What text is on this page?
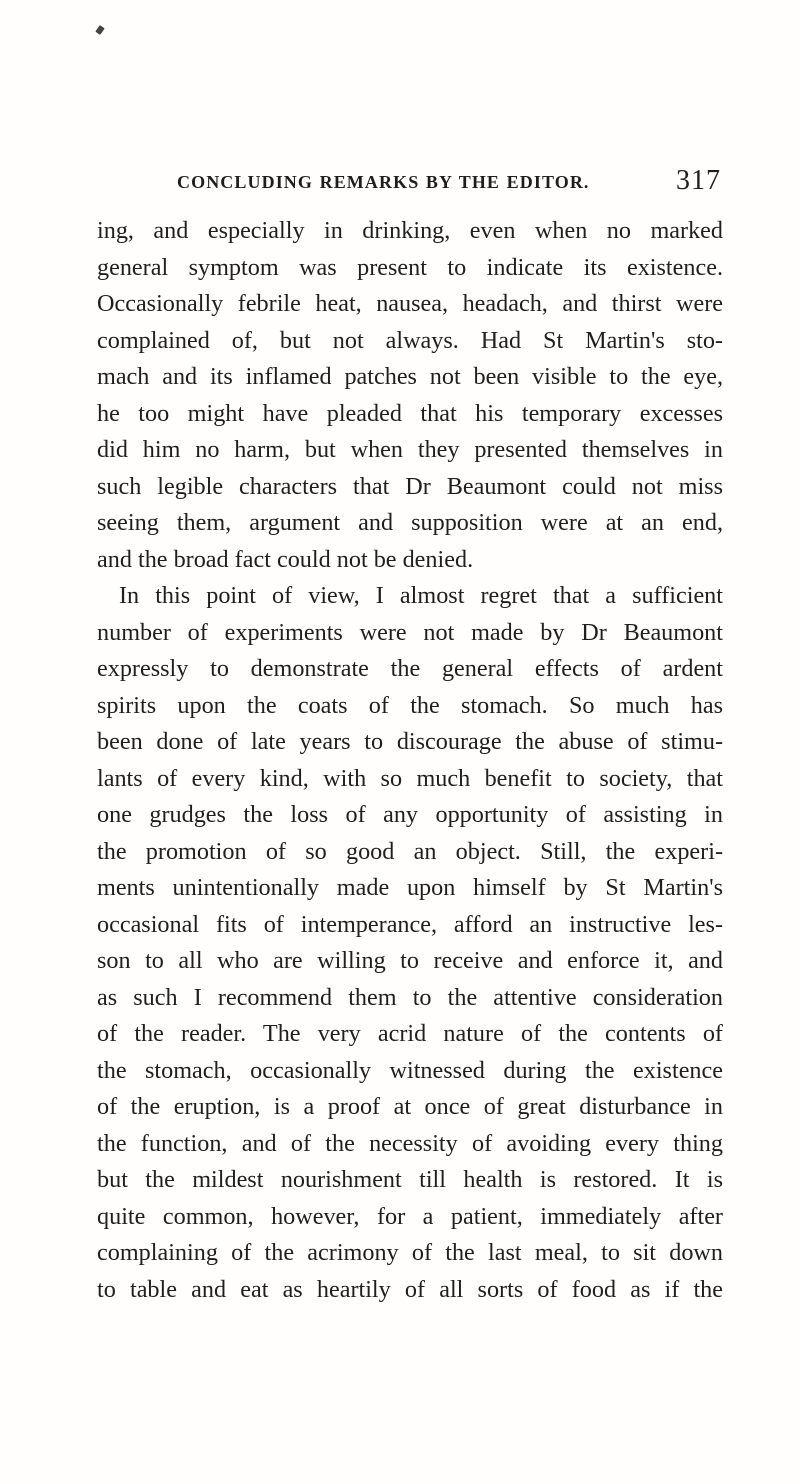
CONCLUDING REMARKS BY THE EDITOR.	317
ing, and especially in drinking, even when no marked
general symptom was present to indicate its existence.
Occasionally febrile heat, nausea, headach, and thirst were
complained of, but not always. Had St Martin's sto-
mach and its inflamed patches not been visible to the eye,
he too might have pleaded that his temporary excesses
did him no harm, but when they presented themselves in
such legible characters that Dr Beaumont could not miss
seeing them, argument and supposition were at an end,
and the broad fact could not be denied.
In this point of view, I almost regret that a sufficient
number of experiments were not made by Dr Beaumont
expressly to demonstrate the general effects of ardent
spirits upon the coats of the stomach. So much has
been done of late years to discourage the abuse of stimu-
lants of every kind, with so much benefit to society, that
one grudges the loss of any opportunity of assisting in
the promotion of so good an object. Still, the experi-
ments unintentionally made upon himself by St Martin's
occasional fits of intemperance, afford an instructive les-
son to all who are willing to receive and enforce it, and
as such I recommend them to the attentive consideration
of the reader. The very acrid nature of the contents of
the stomach, occasionally witnessed during the existence
of the eruption, is a proof at once of great disturbance in
the function, and of the necessity of avoiding every thing
but the mildest nourishment till health is restored. It is
quite common, however, for a patient, immediately after
complaining of the acrimony of the last meal, to sit down
to table and eat as heartily of all sorts of food as if the
